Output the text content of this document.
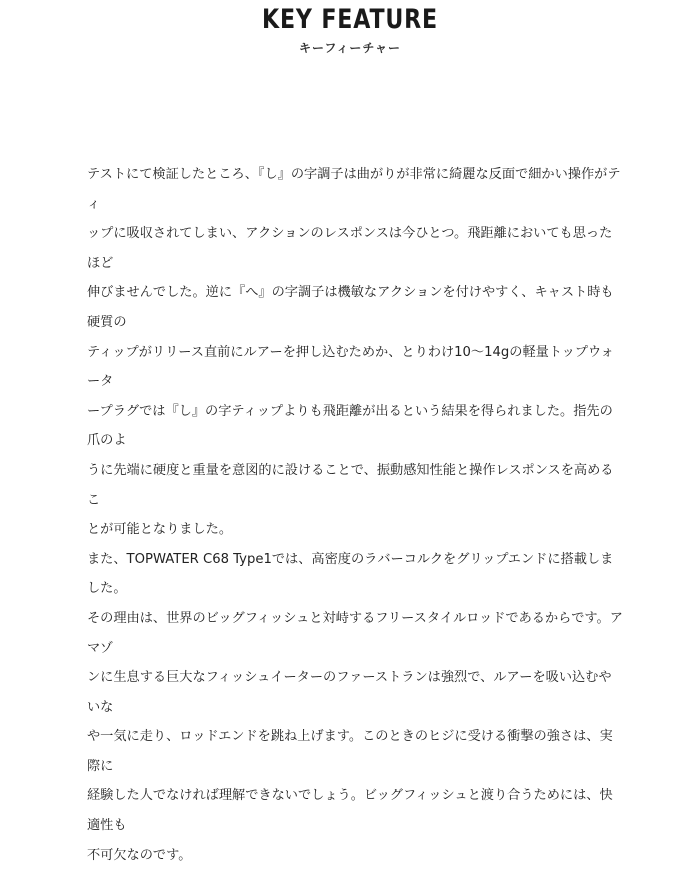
KEY FEATURE
キーフィーチャー

テストにて検証したところ、『し』の字調子は曲がりが非常に綺麗な反面で細かい操作がティ
ップに吸収されてしまい、アクションのレスポンスは今ひとつ。飛距離においても思ったほど
伸びませんでした。逆に『へ』の字調子は機敏なアクションを付けやすく、キャスト時も硬質の
ティップがリリース直前にルアーを押し込むためか、とりわけ10～14gの軽量トップウォータ
ープラグでは『し』の字ティップよりも飛距離が出るという結果を得られました。指先の爪のよ
うに先端に硬度と重量を意図的に設けることで、振動感知性能と操作レスポンスを高めるこ
とが可能となりました。

また、TOPWATER C68 Type1では、高密度のラバーコルクをグリップエンドに搭載しました。
その理由は、世界のビッグフィッシュと対峙するフリースタイルロッドであるからです。アマゾ
ンに生息する巨大なフィッシュイーターのファーストランは強烈で、ルアーを吸い込むやいな
や一気に走り、ロッドエンドを跳ね上げます。このときのヒジに受ける衝撃の強さは、実際に
経験した人でなければ理解できないでしょう。ビッグフィッシュと渡り合うためには、快適性も
不可欠なのです。
